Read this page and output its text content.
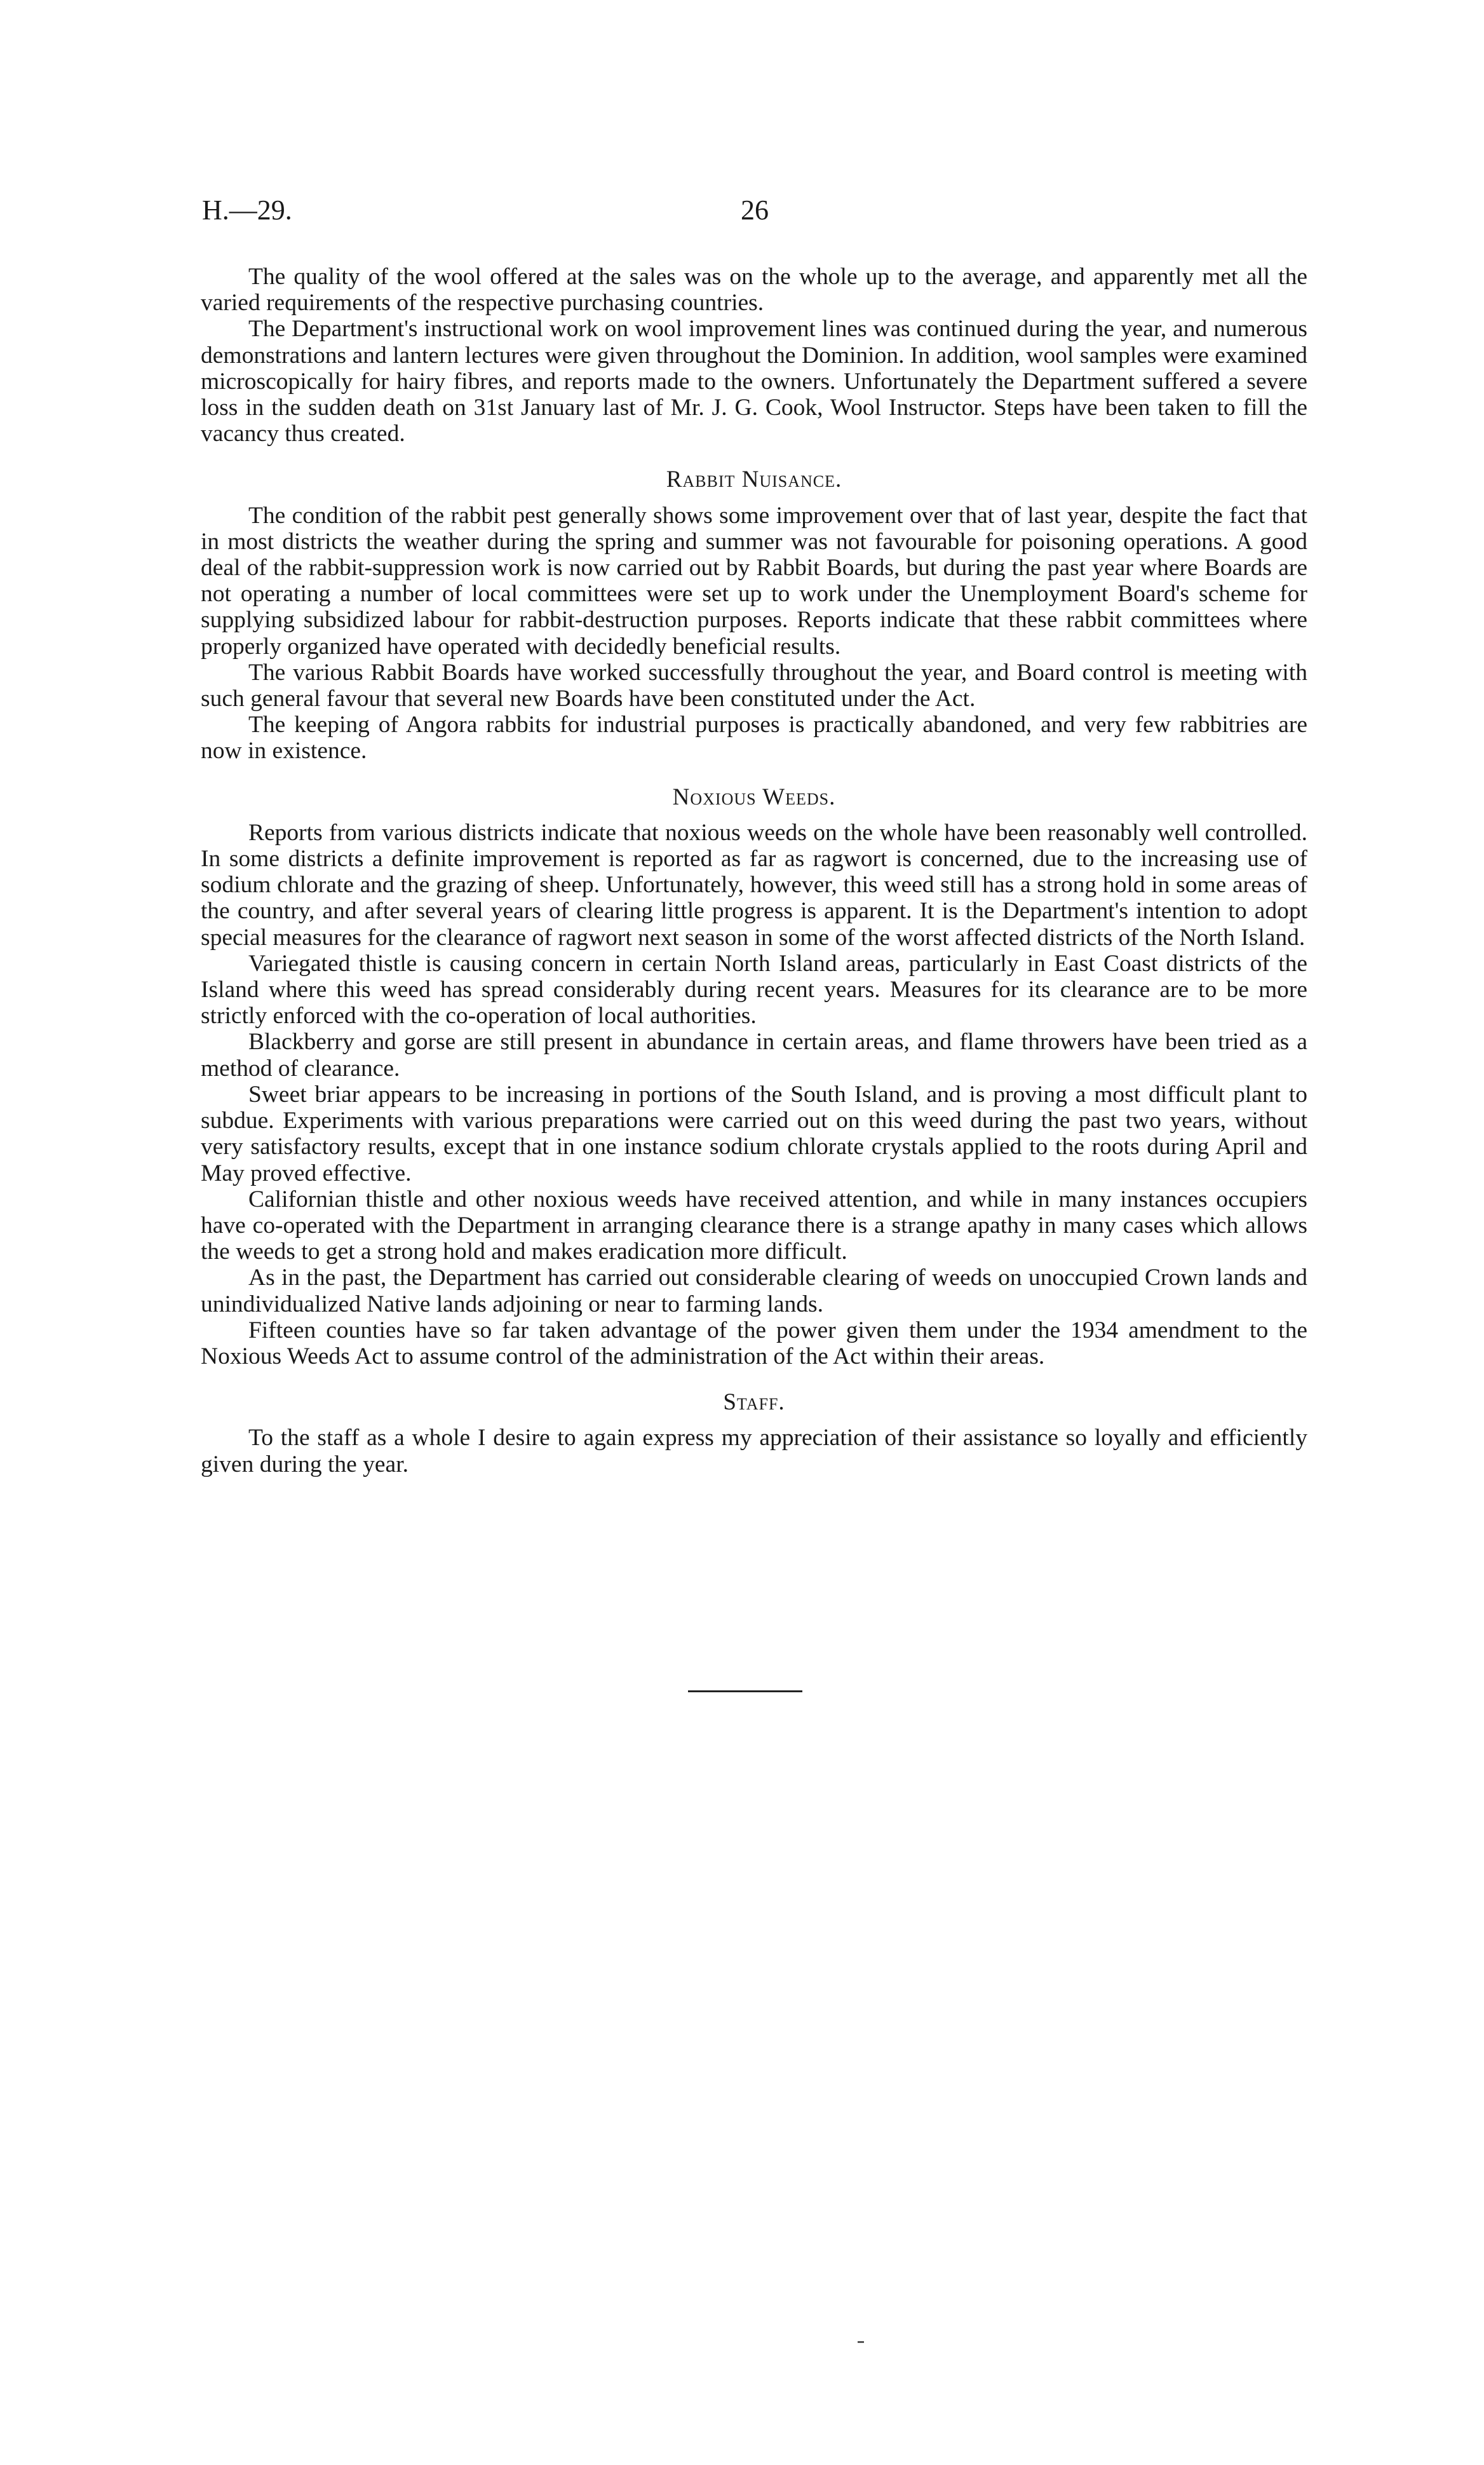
H.—29.	26

The quality of the wool offered at the sales was on the whole up to the average, and apparently met all the varied requirements of the respective purchasing countries.

The Department's instructional work on wool improvement lines was continued during the year, and numerous demonstrations and lantern lectures were given throughout the Dominion. In addition, wool samples were examined microscopically for hairy fibres, and reports made to the owners. Unfortunately the Department suffered a severe loss in the sudden death on 31st January last of Mr. J. G. Cook, Wool Instructor. Steps have been taken to fill the vacancy thus created.

Rabbit Nuisance.

The condition of the rabbit pest generally shows some improvement over that of last year, despite the fact that in most districts the weather during the spring and summer was not favourable for poisoning operations. A good deal of the rabbit-suppression work is now carried out by Rabbit Boards, but during the past year where Boards are not operating a number of local committees were set up to work under the Unemployment Board's scheme for supplying subsidized labour for rabbit-destruction purposes. Reports indicate that these rabbit committees where properly organized have operated with decidedly beneficial results.

The various Rabbit Boards have worked successfully throughout the year, and Board control is meeting with such general favour that several new Boards have been constituted under the Act.

The keeping of Angora rabbits for industrial purposes is practically abandoned, and very few rabbitries are now in existence.

Noxious Weeds.

Reports from various districts indicate that noxious weeds on the whole have been reasonably well controlled. In some districts a definite improvement is reported as far as ragwort is concerned, due to the increasing use of sodium chlorate and the grazing of sheep. Unfortunately, however, this weed still has a strong hold in some areas of the country, and after several years of clearing little progress is apparent. It is the Department's intention to adopt special measures for the clearance of ragwort next season in some of the worst affected districts of the North Island.

Variegated thistle is causing concern in certain North Island areas, particularly in East Coast districts of the Island where this weed has spread considerably during recent years. Measures for its clearance are to be more strictly enforced with the co-operation of local authorities.

Blackberry and gorse are still present in abundance in certain areas, and flame throwers have been tried as a method of clearance.

Sweet briar appears to be increasing in portions of the South Island, and is proving a most difficult plant to subdue. Experiments with various preparations were carried out on this weed during the past two years, without very satisfactory results, except that in one instance sodium chlorate crystals applied to the roots during April and May proved effective.

Californian thistle and other noxious weeds have received attention, and while in many instances occupiers have co-operated with the Department in arranging clearance there is a strange apathy in many cases which allows the weeds to get a strong hold and makes eradication more difficult.

As in the past, the Department has carried out considerable clearing of weeds on unoccupied Crown lands and unindividualized Native lands adjoining or near to farming lands.

Fifteen counties have so far taken advantage of the power given them under the 1934 amendment to the Noxious Weeds Act to assume control of the administration of the Act within their areas.

Staff.

To the staff as a whole I desire to again express my appreciation of their assistance so loyally and efficiently given during the year.
